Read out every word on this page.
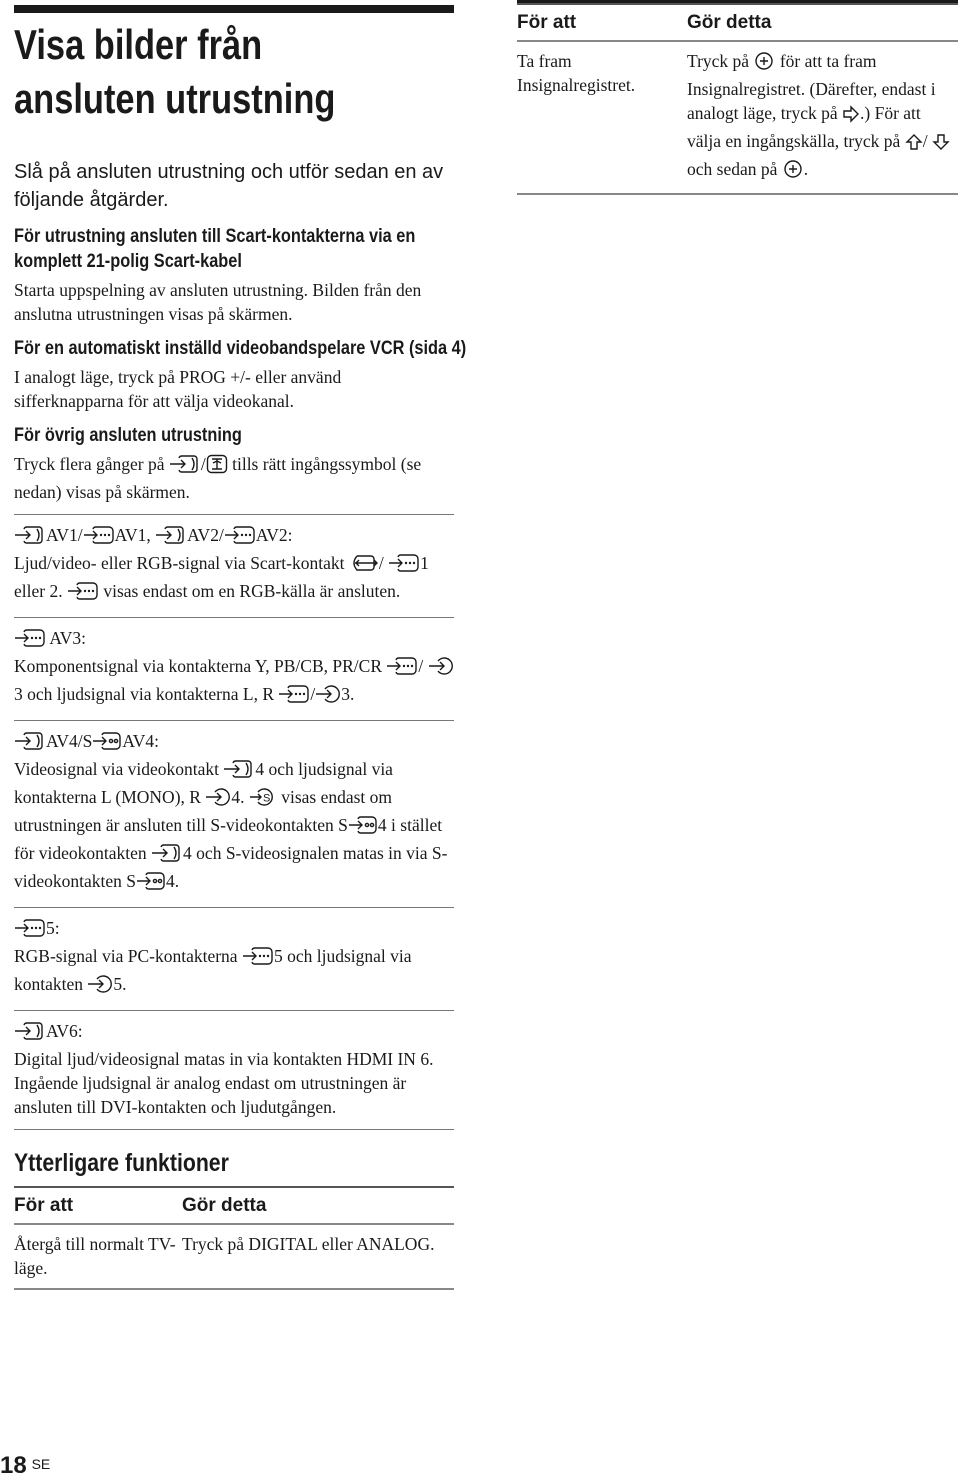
Visa bilder från
ansluten utrustning
Slå på ansluten utrustning och utför sedan en av följande åtgärder.
För utrustning ansluten till Scart-kontakterna via en komplett 21-polig Scart-kabel

Starta uppspelning av ansluten utrustning. Bilden från den anslutna utrustningen visas på skärmen.

För en automatiskt inställd videobandspelare VCR (sida 4)

I analogt läge, tryck på PROG +/- eller använd sifferknapparna för att välja videokanal.

För övrig ansluten utrustning

Tryck flera gånger på / tills rätt ingångssymbol (se nedan) visas på skärmen.

AV1/ AV1, AV2/ AV2:
Ljud/video- eller RGB-signal via Scart-kontakt / 1 eller 2.  visas endast om en RGB-källa är ansluten.
AV3:
Komponentsignal via kontakterna Y, PB/CB, PR/CR / 3 och ljudsignal via kontakterna L, R / 3.
AV4/S AV4:
Videosignal via videokontakt 4 och ljudsignal via kontakterna L (MONO), R 4. S visas endast om utrustningen är ansluten till S-videokontakten S 4 i stället för videokontakten 4 och S-videosignalen matas in via S-videokontakten S 4.
5:
RGB-signal via PC-kontakterna 5 och ljudsignal via kontakten 5.
AV6:
Digital ljud/videosignal matas in via kontakten HDMI IN 6. Ingående ljudsignal är analog endast om utrustningen är ansluten till DVI-kontakten och ljudutgången.
Ytterligare funktioner
För att	Gör detta
Återgå till normalt TV-läge.	Tryck på DIGITAL eller ANALOG.
För att	Gör detta
Ta fram Insignalregistret.	Tryck på  för att ta fram Insignalregistret. (Därefter, endast i analogt läge, tryck på .) För att välja en ingångskälla, tryck på /  och sedan på .
18 $^{SE}$
